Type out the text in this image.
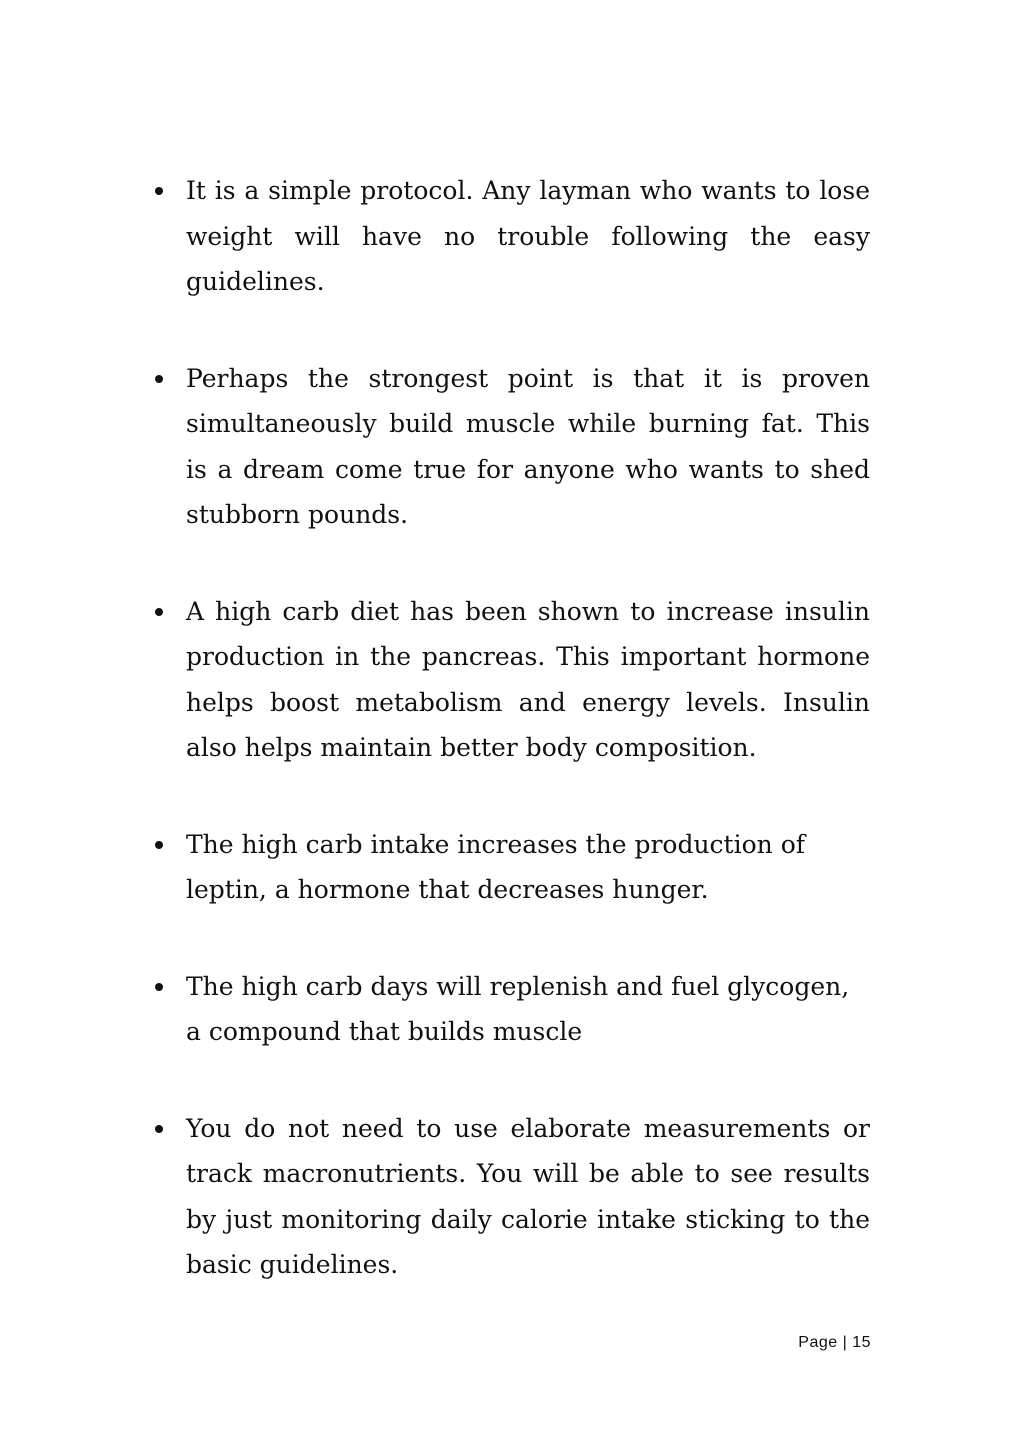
It is a simple protocol. Any layman who wants to lose weight will have no trouble following the easy guidelines.
Perhaps the strongest point is that it is proven simultaneously build muscle while burning fat. This is a dream come true for anyone who wants to shed stubborn pounds.
A high carb diet has been shown to increase insulin production in the pancreas. This important hormone helps boost metabolism and energy levels. Insulin also helps maintain better body composition.
The high carb intake increases the production of leptin, a hormone that decreases hunger.
The high carb days will replenish and fuel glycogen, a compound that builds muscle
You do not need to use elaborate measurements or track macronutrients. You will be able to see results by just monitoring daily calorie intake sticking to the basic guidelines.
Page | 15
